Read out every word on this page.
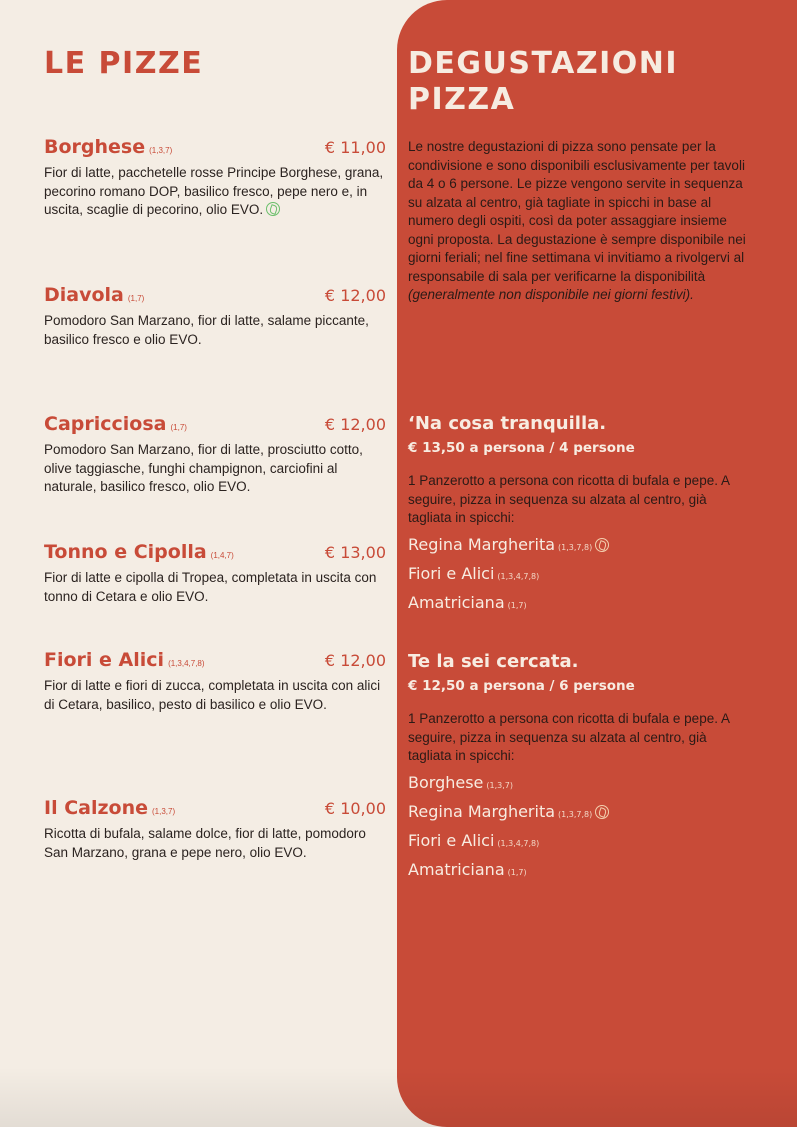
LE PIZZE
Borghese (1,3,7)	€ 11,00

Fior di latte, pacchetelle rosse Principe Borghese, grana, pecorino romano DOP, basilico fresco, pepe nero e, in uscita, scaglie di pecorino, olio EVO.

Diavola (1,7)	€ 12,00

Pomodoro San Marzano, fior di latte, salame piccante, basilico fresco e olio EVO.

Capricciosa (1,7)	€ 12,00

Pomodoro San Marzano, fior di latte, prosciutto cotto, olive taggiasche, funghi champignon, carciofini al naturale, basilico fresco, olio EVO.

Tonno e Cipolla (1,4,7)	€ 13,00

Fior di latte e cipolla di Tropea, completata in uscita con tonno di Cetara e olio EVO.

Fiori e Alici (1,3,4,7,8)	€ 12,00

Fior di latte e fiori di zucca, completata in uscita con alici di Cetara, basilico, pesto di basilico e olio EVO.

Il Calzone (1,3,7)	€ 10,00

Ricotta di bufala, salame dolce, fior di latte, pomodoro San Marzano, grana e pepe nero, olio EVO.

DEGUSTAZIONI PIZZA

Le nostre degustazioni di pizza sono pensate per la condivisione e sono disponibili esclusivamente per tavoli da 4 o 6 persone. Le pizze vengono servite in sequenza su alzata al centro, già tagliate in spicchi in base al numero degli ospiti, così da poter assaggiare insieme ogni proposta. La degustazione è sempre disponibile nei giorni feriali; nel fine settimana vi invitiamo a rivolgervi al responsabile di sala per verificarne la disponibilità (generalmente non disponibile nei giorni festivi).

‘Na cosa tranquilla.
€ 13,50 a persona / 4 persone

1 Panzerotto a persona con ricotta di bufala e pepe. A seguire, pizza in sequenza su alzata al centro, già tagliata in spicchi:

Regina Margherita (1,3,7,8)
Fiori e Alici (1,3,4,7,8)
Amatriciana (1,7)
Te la sei cercata.
€ 12,50 a persona / 6 persone

1 Panzerotto a persona con ricotta di bufala e pepe. A seguire, pizza in sequenza su alzata al centro, già tagliata in spicchi:

Borghese (1,3,7)
Regina Margherita (1,3,7,8)
Fiori e Alici (1,3,4,7,8)
Amatriciana (1,7)
